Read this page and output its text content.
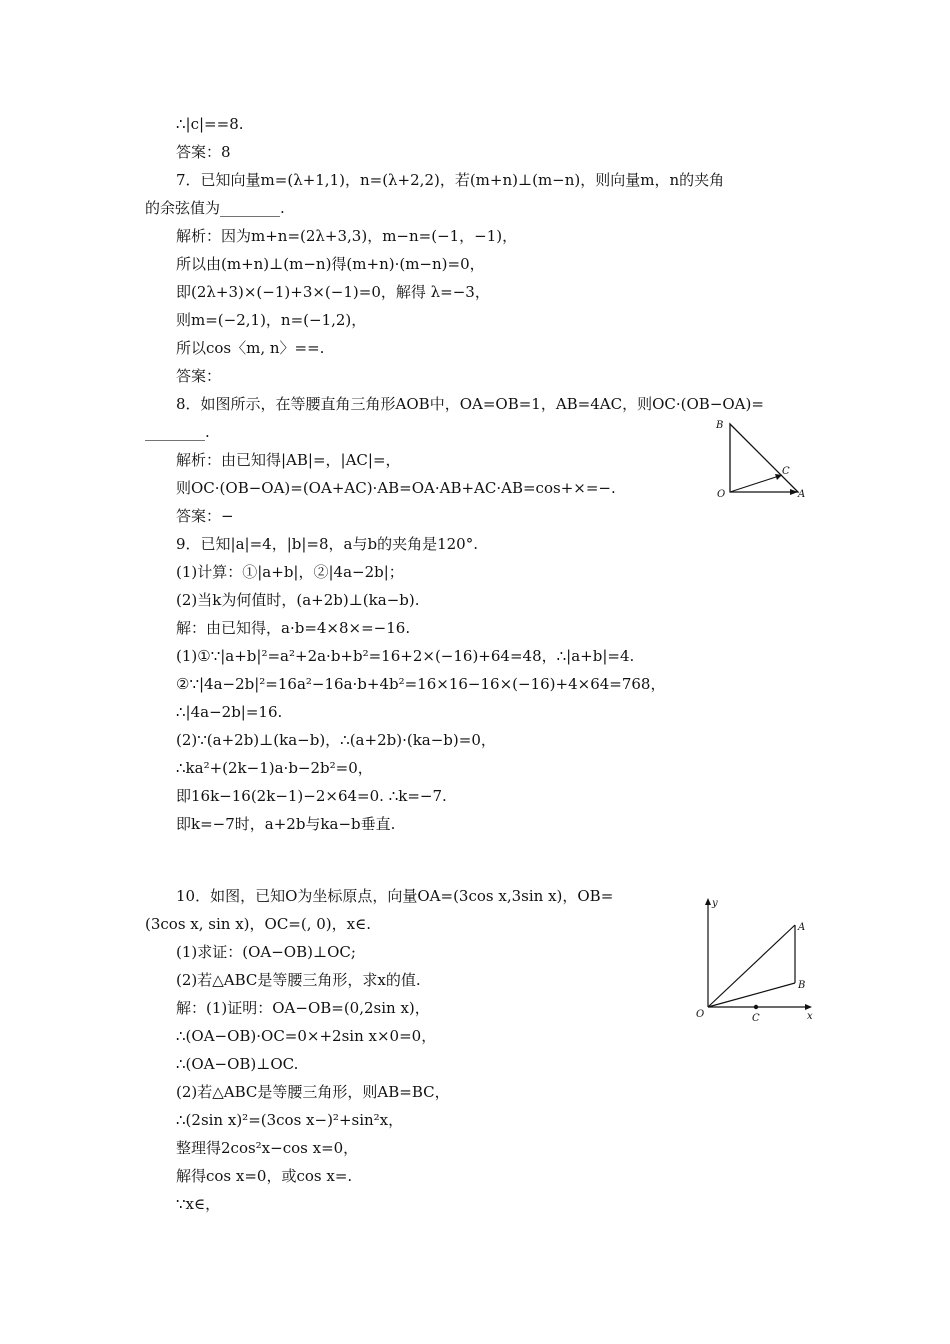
∴|c|==8.
答案：8
7．已知向量m=(λ+1,1)，n=(λ+2,2)，若(m+n)⊥(m−n)，则向量m，n的夹角
的余弦值为________.
解析：因为m+n=(2λ+3,3)，m−n=(−1，−1)，
所以由(m+n)⊥(m−n)得(m+n)·(m−n)=0，
即(2λ+3)×(−1)+3×(−1)=0，解得 λ=−3，
则m=(−2,1)，n=(−1,2)，
所以cos〈m, n〉==.
答案：
8．如图所示，在等腰直角三角形AOB中，OA=OB=1，AB=4AC，则OC·(OB−OA)=
________.
解析：由已知得|AB|=，|AC|=，
则OC·(OB−OA)=(OA+AC)·AB=OA·AB+AC·AB=cos+×=−.
答案：−
9．已知|a|=4，|b|=8，a与b的夹角是120°.
(1)计算：①|a+b|，②|4a−2b|；
(2)当k为何值时，(a+2b)⊥(ka−b).
解：由已知得，a·b=4×8×=−16.
(1)①∵|a+b|²=a²+2a·b+b²=16+2×(−16)+64=48，∴|a+b|=4.
②∵|4a−2b|²=16a²−16a·b+4b²=16×16−16×(−16)+4×64=768，
∴|4a−2b|=16.
(2)∵(a+2b)⊥(ka−b)，∴(a+2b)·(ka−b)=0，
∴ka²+(2k−1)a·b−2b²=0，
即16k−16(2k−1)−2×64=0. ∴k=−7.
即k=−7时，a+2b与ka−b垂直.
10．如图，已知O为坐标原点，向量OA=(3cos x,3sin x)，OB=
(3cos x, sin x)，OC=(, 0)，x∈.
(1)求证：(OA−OB)⊥OC;
(2)若△ABC是等腰三角形，求x的值.
解：(1)证明：OA−OB=(0,2sin x)，
∴(OA−OB)·OC=0×+2sin x×0=0，
∴(OA−OB)⊥OC.
(2)若△ABC是等腰三角形，则AB=BC，
∴(2sin x)²=(3cos x−)²+sin²x，
整理得2cos²x−cos x=0，
解得cos x=0，或cos x=.
∵x∈，
B
C
O	A
y
A
B
O	C	x
